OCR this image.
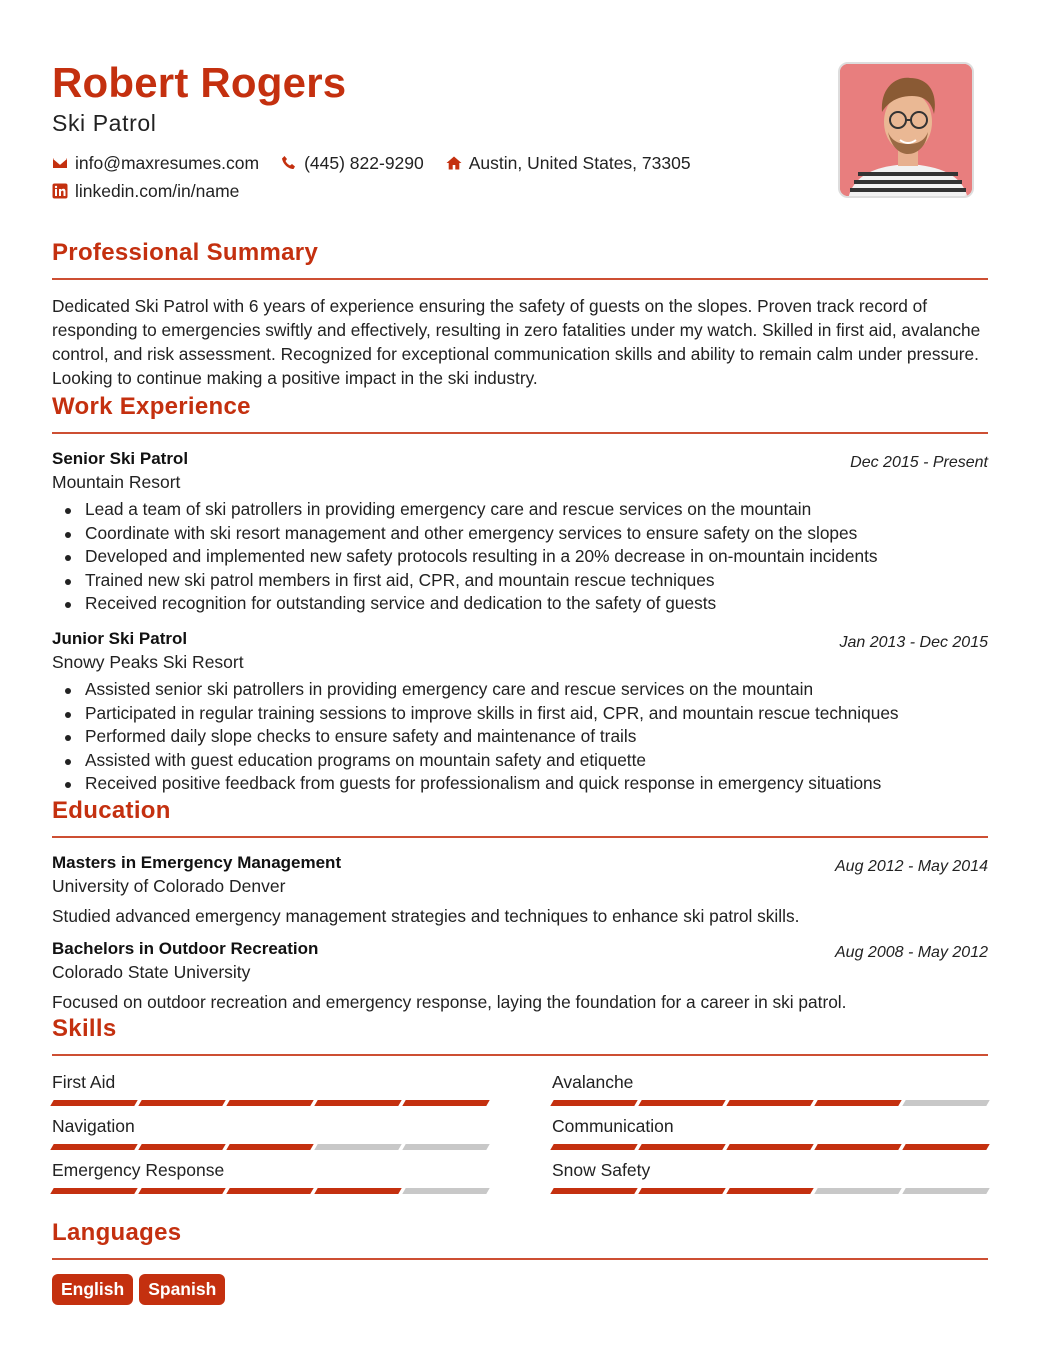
Robert Rogers
Ski Patrol
info@maxresumes.com	(445) 822-9290	Austin, United States, 73305
linkedin.com/in/name
Professional Summary
Dedicated Ski Patrol with 6 years of experience ensuring the safety of guests on the slopes. Proven track record of responding to emergencies swiftly and effectively, resulting in zero fatalities under my watch. Skilled in first aid, avalanche control, and risk assessment. Recognized for exceptional communication skills and ability to remain calm under pressure. Looking to continue making a positive impact in the ski industry.
Work Experience
Senior Ski Patrol
Mountain Resort
Dec 2015 - Present
Lead a team of ski patrollers in providing emergency care and rescue services on the mountain
Coordinate with ski resort management and other emergency services to ensure safety on the slopes
Developed and implemented new safety protocols resulting in a 20% decrease in on-mountain incidents
Trained new ski patrol members in first aid, CPR, and mountain rescue techniques
Received recognition for outstanding service and dedication to the safety of guests
Junior Ski Patrol
Snowy Peaks Ski Resort
Jan 2013 - Dec 2015
Assisted senior ski patrollers in providing emergency care and rescue services on the mountain
Participated in regular training sessions to improve skills in first aid, CPR, and mountain rescue techniques
Performed daily slope checks to ensure safety and maintenance of trails
Assisted with guest education programs on mountain safety and etiquette
Received positive feedback from guests for professionalism and quick response in emergency situations
Education
Masters in Emergency Management
University of Colorado Denver
Aug 2012 - May 2014
Studied advanced emergency management strategies and techniques to enhance ski patrol skills.
Bachelors in Outdoor Recreation
Colorado State University
Aug 2008 - May 2012
Focused on outdoor recreation and emergency response, laying the foundation for a career in ski patrol.
Skills
First Aid	Avalanche
Navigation	Communication
Emergency Response	Snow Safety
Languages
English	Spanish
